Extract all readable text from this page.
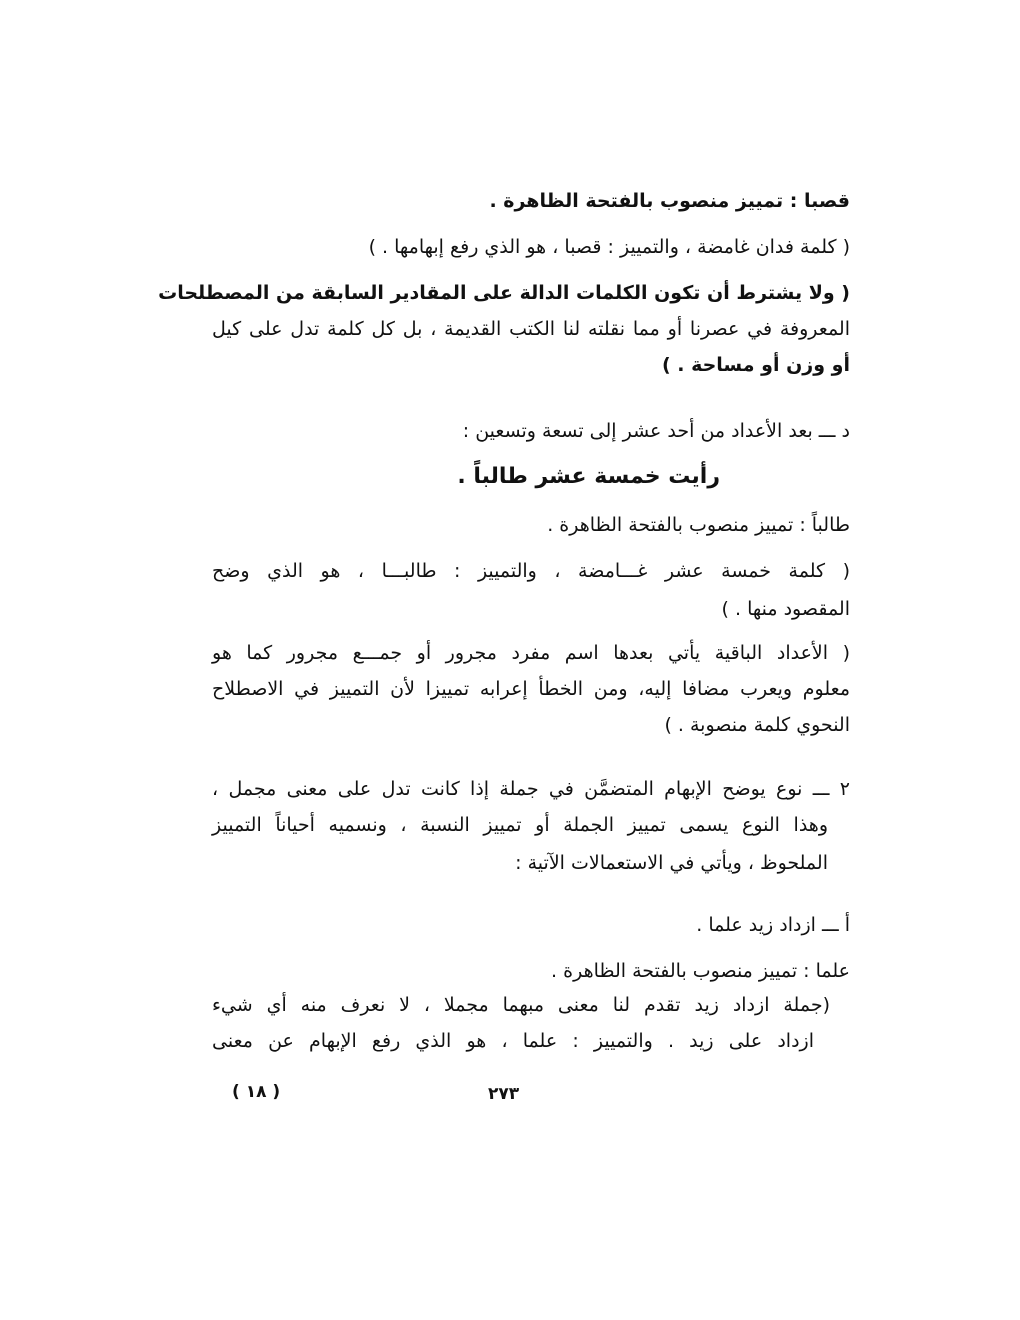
قصبا : تمييز منصوب بالفتحة الظاهرة .
( كلمة فدان غامضة ، والتمييز : قصبا ، هو الذي رفع إبهامها . )
( ولا يشترط أن تكون الكلمات الدالة على المقادير السابقة من المصطلحات
المعروفة في عصرنا أو مما نقلته لنا الكتب القديمة ، بل كل كلمة تدل على كيل
أو وزن أو مساحة . )
د ـــ بعد الأعداد من أحد عشر إلى تسعة وتسعين :
رأيت خمسة عشر طالباً .
طالباً : تمييز منصوب بالفتحة الظاهرة .
( كلمة خمسة عشر غـــامضة ، والتمييز : طالبـــا ، هو الذي وضح
المقصود منها . )
( الأعداد الباقية يأتي بعدها اسم مفرد مجرور أو جمـــع مجرور كما هو
معلوم ويعرب مضافا إليه، ومن الخطأ إعرابه تمييزا لأن التمييز في الاصطلاح
النحوي كلمة منصوبة . )
٢ ـــ نوع يوضح الإبهام المتضمَّن في جملة إذا كانت تدل على معنى مجمل ،
وهذا النوع يسمى تمييز الجملة أو تمييز النسبة ، ونسميه أحياناً التمييز
الملحوظ ، ويأتي في الاستعمالات الآتية :
أ ـــ ازداد زيد علما .
علما : تمييز منصوب بالفتحة الظاهرة .
(جملة ازداد زيد تقدم لنا معنى مبهما مجملا ، لا نعرف منه أي شيء
ازداد على زيد . والتمييز : علما ، هو الذي رفع الإبهام عن معنى
( ١٨ )	٢٧٣
